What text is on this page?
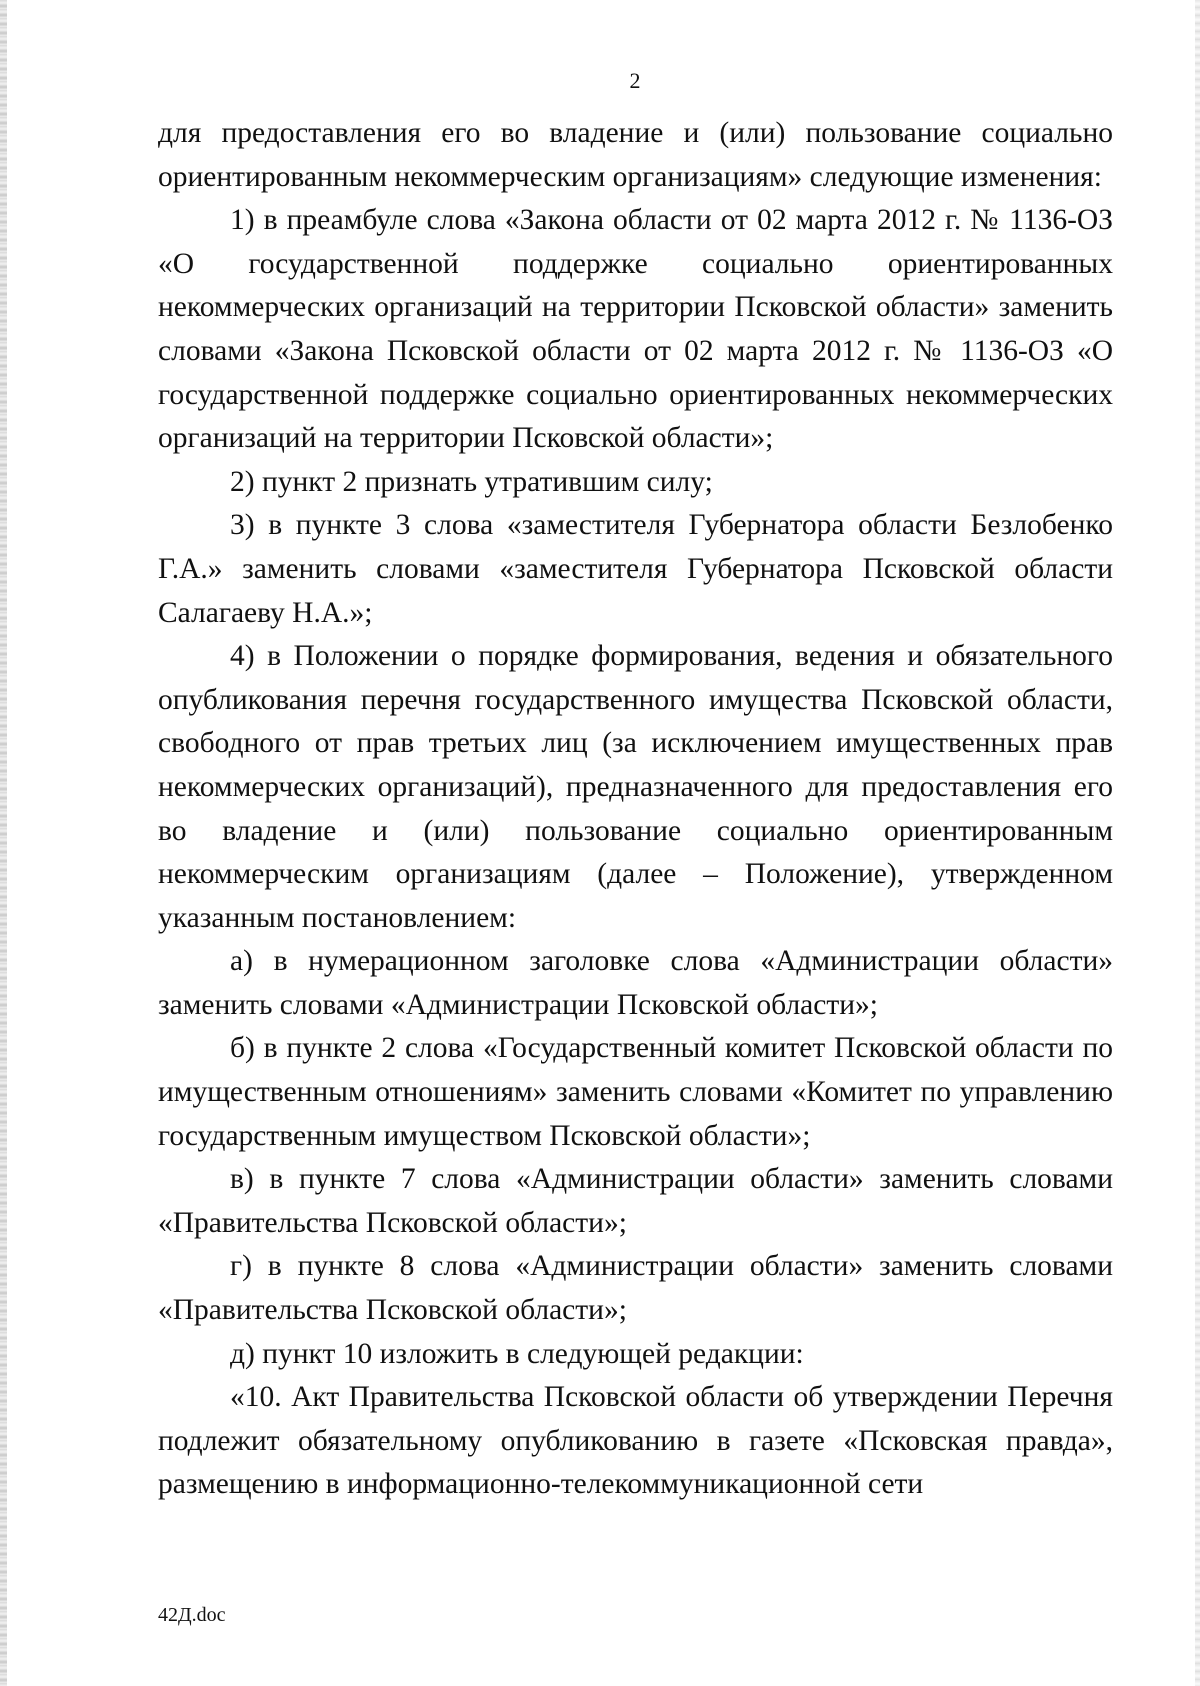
2

для предоставления его во владение и (или) пользование социально ориентированным некоммерческим организациям» следующие изменения:

1) в преамбуле слова «Закона области от 02 марта 2012 г. № 1136-ОЗ «О государственной поддержке социально ориентированных некоммерческих организаций на территории Псковской области» заменить словами «Закона Псковской области от 02 марта 2012 г. № 1136-ОЗ «О государственной поддержке социально ориентированных некоммерческих организаций на территории Псковской области»;

2) пункт 2 признать утратившим силу;

3) в пункте 3 слова «заместителя Губернатора области Безлобенко Г.А.» заменить словами «заместителя Губернатора Псковской области Салагаеву Н.А.»;

4) в Положении о порядке формирования, ведения и обязательного опубликования перечня государственного имущества Псковской области, свободного от прав третьих лиц (за исключением имущественных прав некоммерческих организаций), предназначенного для предоставления его во владение и (или) пользование социально ориентированным некоммерческим организациям (далее – Положение), утвержденном указанным постановлением:

а) в нумерационном заголовке слова «Администрации области» заменить словами «Администрации Псковской области»;

б) в пункте 2 слова «Государственный комитет Псковской области по имущественным отношениям» заменить словами «Комитет по управлению государственным имуществом Псковской области»;

в) в пункте 7 слова «Администрации области» заменить словами «Правительства Псковской области»;

г) в пункте 8 слова «Администрации области» заменить словами «Правительства Псковской области»;

д) пункт 10 изложить в следующей редакции:

«10. Акт Правительства Псковской области об утверждении Перечня подлежит обязательному опубликованию в газете «Псковская правда», размещению в информационно-телекоммуникационной сети

42Д.doc
